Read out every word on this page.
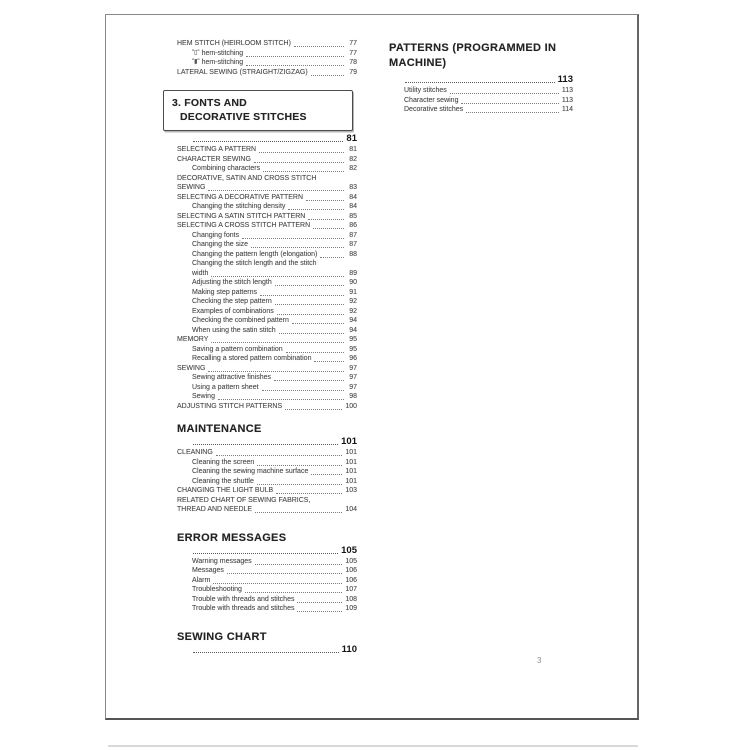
HEM STITCH (HEIRLOOM STITCH)	77
"▯" hem-stitching	77
"▮" hem-stitching	78
LATERAL SEWING (STRAIGHT/ZIGZAG)	79
3. FONTS AND
DECORATIVE STITCHES
81
SELECTING A PATTERN	81
CHARACTER SEWING	82
Combining characters	82
DECORATIVE, SATIN AND CROSS STITCH
SEWING	83
SELECTING A DECORATIVE PATTERN	84
Changing the stitching density	84
SELECTING A SATIN STITCH PATTERN	85
SELECTING A CROSS STITCH PATTERN	86
Changing fonts	87
Changing the size	87
Changing the pattern length (elongation)	88
Changing the stitch length and the stitch
width	89
Adjusting the stitch length	90
Making step patterns	91
Checking the step pattern	92
Examples of combinations	92
Checking the combined pattern	94
When using the satin stitch	94
MEMORY	95
Saving a pattern combination	95
Recalling a stored pattern combination	96
SEWING	97
Sewing attractive finishes	97
Using a pattern sheet	97
Sewing	98
ADJUSTING STITCH PATTERNS	100
MAINTENANCE
101
CLEANING	101
Cleaning the screen	101
Cleaning the sewing machine surface	101
Cleaning the shuttle	101
CHANGING THE LIGHT BULB	103
RELATED CHART OF SEWING FABRICS,
THREAD AND NEEDLE	104
ERROR MESSAGES
105
Warning messages	105
Messages	106
Alarm	106
Troubleshooting	107
Trouble with threads and stitches	108
Trouble with threads and stitches	109
SEWING CHART
110
PATTERNS (PROGRAMMED IN
MACHINE)
113
Utility stitches	113
Character sewing	113
Decorative stitches	114
3
